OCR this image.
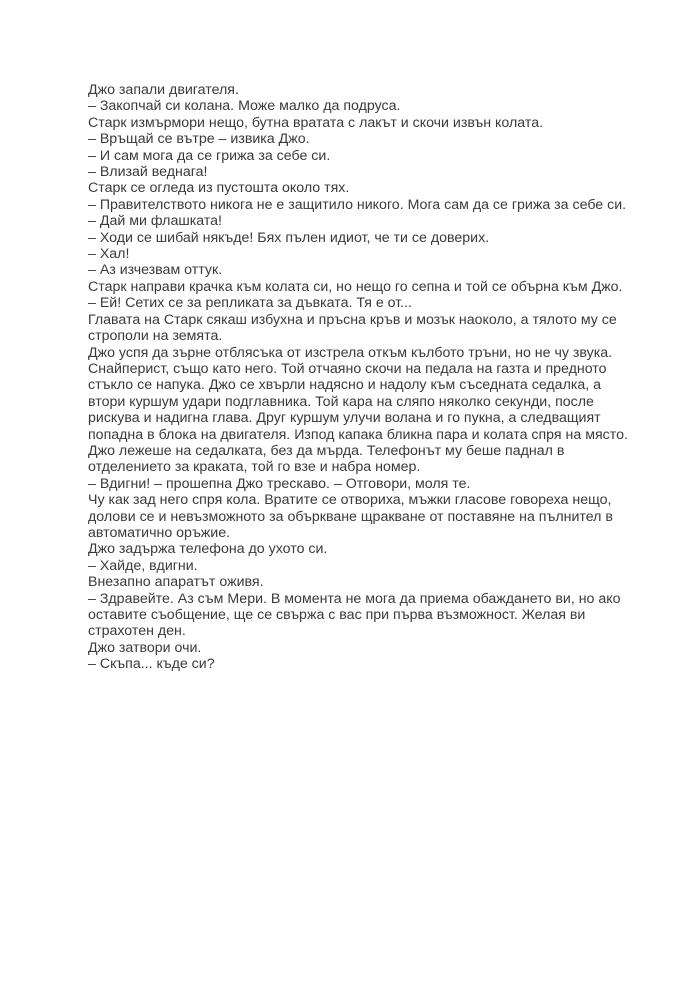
Джо запали двигателя.

– Закопчай си колана. Може малко да подруса.

Старк измърмори нещо, бутна вратата с лакът и скочи извън колата.

– Връщай се вътре – извика Джо.

– И сам мога да се грижа за себе си.

– Влизай веднага!

Старк се огледа из пустошта около тях.

– Правителството никога не е защитило никого. Мога сам да се грижа за себе си.

– Дай ми флашката!

– Ходи се шибай някъде! Бях пълен идиот, че ти се доверих.

– Хал!

– Аз изчезвам оттук.

Старк направи крачка към колата си, но нещо го сепна и той се обърна към Джо.

– Ей! Сетих се за репликата за дъвката. Тя е от...

Главата на Старк сякаш избухна и пръсна кръв и мозък наоколо, а тялото му се строполи на земята.

Джо успя да зърне отблясъка от изстрела откъм кълбото тръни, но не чу звука. Снайперист, също като него. Той отчаяно скочи на педала на газта и предното стъкло се напука. Джо се хвърли надясно и надолу към съседната седалка, а втори куршум удари подглавника. Той кара на сляпо няколко секунди, после рискува и надигна глава. Друг куршум улучи волана и го пукна, а следващият попадна в блока на двигателя. Изпод капака бликна пара и колата спря на място.

Джо лежеше на седалката, без да мърда. Телефонът му беше паднал в отделението за краката, той го взе и набра номер.

– Вдигни! – прошепна Джо трескаво. – Отговори, моля те.

Чу как зад него спря кола. Вратите се отвориха, мъжки гласове говореха нещо, долови се и невъзможното за объркване щракване от поставяне на пълнител в автоматично оръжие.

Джо задържа телефона до ухото си.

– Хайде, вдигни.

Внезапно апаратът оживя.

– Здравейте. Аз съм Мери. В момента не мога да приема обаждането ви, но ако оставите съобщение, ще се свържа с вас при първа възможност. Желая ви страхотен ден.

Джо затвори очи.

– Скъпа... къде си?
